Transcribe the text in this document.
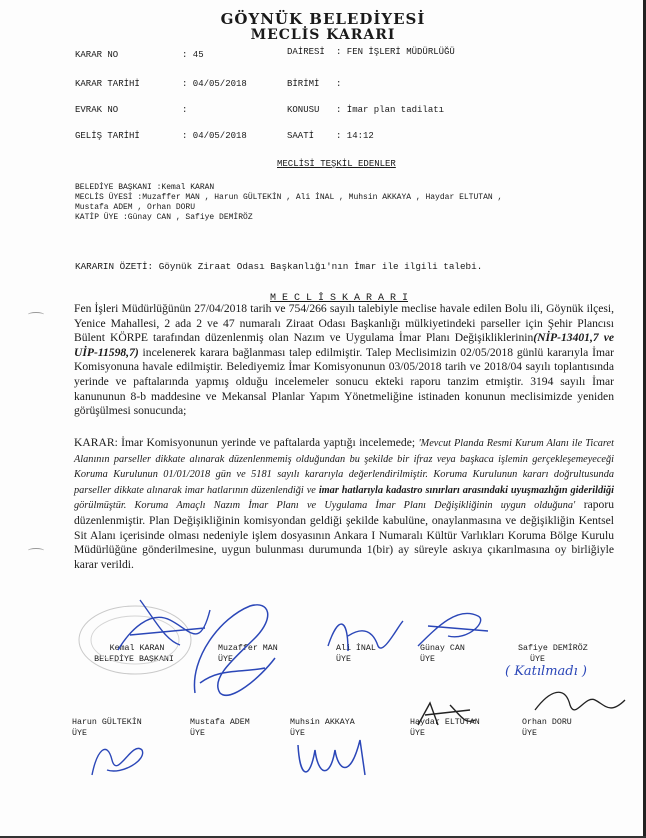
GÖYNÜK BELEDİYESİ
MECLİS KARARI
KARAR NO	: 45	DAİRESİ : FEN İŞLERİ MÜDÜRLÜĞÜ
KARAR TARİHİ	: 04/05/2018	BİRİMİ :
EVRAK NO	:	KONUSU : İmar plan tadilatı
GELİŞ TARİHİ	: 04/05/2018	SAATİ : 14:12
MECLİSİ TEŞKİL EDENLER
BELEDİYE BAŞKANI :Kemal KARAN
MECLİS ÜYESİ :Muzaffer MAN , Harun GÜLTEKİN , Ali İNAL , Muhsin AKKAYA , Haydar ELTUTAN ,
Mustafa ADEM , Orhan DORU
KATİP ÜYE :Günay CAN , Safiye DEMİRÖZ
KARARIN ÖZETİ: Göynük Ziraat Odası Başkanlığı'nın İmar ile ilgili talebi.
M E C L İ S K A R A R I
Fen İşleri Müdürlüğünün 27/04/2018 tarih ve 754/266 sayılı talebiyle meclise havale edilen Bolu ili, Göynük ilçesi, Yenice Mahallesi, 2 ada 2 ve 47 numaralı Ziraat Odası Başkanlığı mülkiyetindeki parseller için Şehir Plancısı Bülent KÖRPE tarafından düzenlenmiş olan Nazım ve Uygulama İmar Planı Değişikliklerinin(NİP-13401,7 ve UİP-11598,7) incelenerek karara bağlanması talep edilmiştir. Talep Meclisimizin 02/05/2018 günlü kararıyla İmar Komisyonuna havale edilmiştir. Belediyemiz İmar Komisyonunun 03/05/2018 tarih ve 2018/04 sayılı toplantısında yerinde ve paftalarında yapmış olduğu incelemeler sonucu ekteki raporu tanzim etmiştir. 3194 sayılı İmar kanununun 8-b maddesine ve Mekansal Planlar Yapım Yönetmeliğine istinaden konunun meclisimizde yeniden görüşülmesi sonucunda;
KARAR: İmar Komisyonunun yerinde ve paftalarda yaptığı incelemede; 'Mevcut Planda Resmi Kurum Alanı ile Ticaret Alanının parseller dikkate alınarak düzenlenmemiş olduğundan bu şekilde bir ifraz veya başkaca işlemin gerçekleşemeyeceği Koruma Kurulunun 01/01/2018 gün ve 5181 sayılı kararıyla değerlendirilmiştir. Koruma Kurulunun kararı doğrultusunda parseller dikkate alınarak imar hatlarının düzenlendiği ve imar hatlarıyla kadastro sınırları arasındaki uyuşmazlığın giderildiği görülmüştür. Koruma Amaçlı Nazım İmar Planı ve Uygulama İmar Planı Değişikliğinin uygun olduğuna' raporu düzenlenmiştir. Plan Değişikliğinin komisyondan geldiği şekilde kabulüne, onaylanmasına ve değişikliğin Kentsel Sit Alanı içerisinde olması nedeniyle işlem dosyasının Ankara I Numaralı Kültür Varlıkları Koruma Bölge Kurulu Müdürlüğüne gönderilmesine, uygun bulunması durumunda 1(bir) ay süreyle askıya çıkarılmasına oy birliğiyle karar verildi.
Kemal KARAN
BELEDİYE BAŞKANI
Muzaffer MAN
ÜYE
Ali İNAL
ÜYE
Günay CAN
ÜYE
Safiye DEMİRÖZ
ÜYE
( Katılmadı )
Harun GÜLTEKİN
ÜYE
Mustafa ADEM
ÜYE
Muhsin AKKAYA
ÜYE
Haydar ELTUTAN
ÜYE
Orhan DORU
ÜYE
